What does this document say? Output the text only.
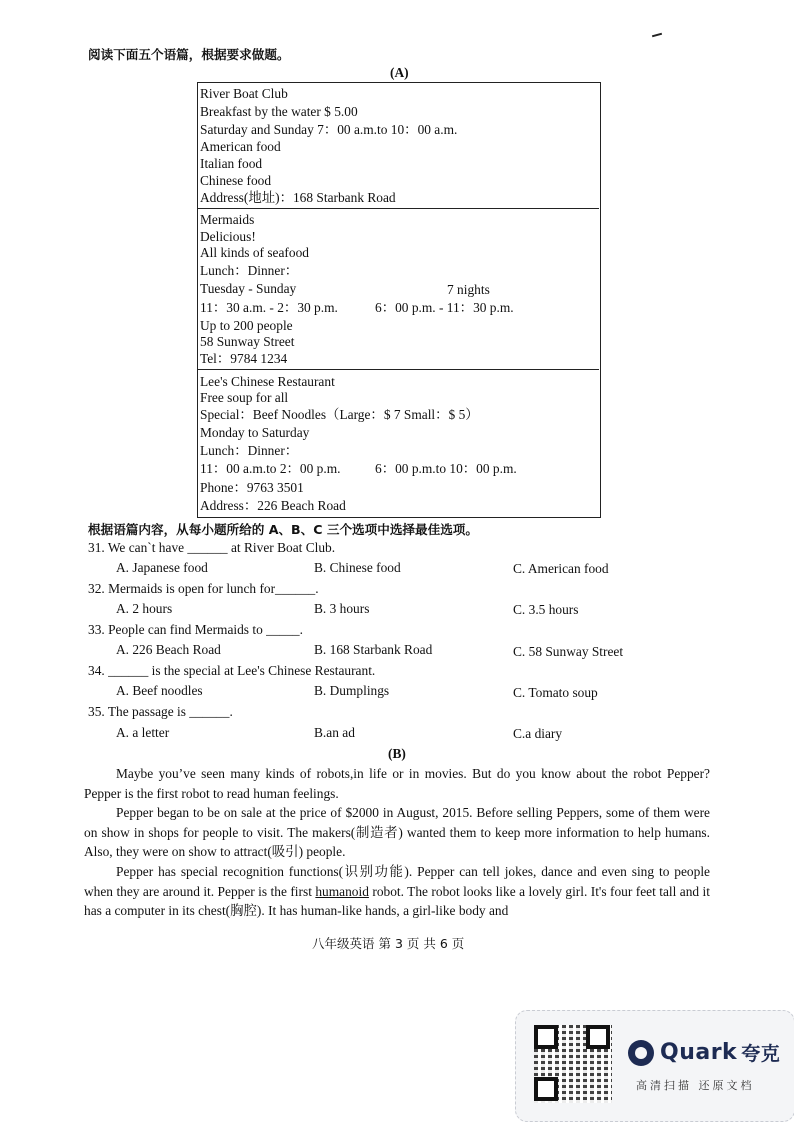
阅读下面五个语篇，根据要求做题。
(A)
River Boat Club
Breakfast by the water $ 5.00
Saturday and Sunday 7：00 a.m.to 10：00 a.m.
American food
Italian food
Chinese food
Address(地址)：168 Starbank Road
Mermaids
Delicious!
All kinds of seafood
Lunch：Dinner：
Tuesday - Sunday	7 nights
11：30 a.m. - 2：30 p.m.	6：00 p.m. - 11：30 p.m.
Up to 200 people
58 Sunway Street
Tel：9784 1234
Lee's Chinese Restaurant
Free soup for all
Special：Beef Noodles（Large：$ 7 Small：$ 5）
Monday to Saturday
Lunch：Dinner：
11：00 a.m.to 2：00 p.m.	6：00 p.m.to 10：00 p.m.
Phone：9763 3501
Address：226 Beach Road
根据语篇内容，从每小题所给的 A、B、C 三个选项中选择最佳选项。
31. We can`t have ______ at River Boat Club.
A. Japanese food	B. Chinese food	C. American food
32. Mermaids is open for lunch for______.
A. 2 hours	B. 3 hours	C. 3.5 hours
33. People can find Mermaids to _____.
A. 226 Beach Road	B. 168 Starbank Road	C. 58 Sunway Street
34. ______ is the special at Lee's Chinese Restaurant.
A. Beef noodles	B. Dumplings	C. Tomato soup
35. The passage is ______.
A. a letter	B.an ad	C.a diary
(B)
Maybe you’ve seen many kinds of robots,in life or in movies. But do you know about the robot Pepper? Pepper is the first robot to read human feelings.
Pepper began to be on sale at the price of $2000 in August, 2015. Before selling Peppers, some of them were on show in shops for people to visit. The makers(制造者) wanted them to keep more information to help humans. Also, they were on show to attract(吸引) people.
Pepper has special recognition functions(识别功能). Pepper can tell jokes, dance and even sing to people when they are around it. Pepper is the first humanoid robot. The robot looks like a lovely girl. It's four feet tall and it has a computer in its chest(胸腔). It has human-like hands, a girl-like body and
八年级英语 第 3 页 共 6 页
Quark 夸克
高清扫描 还原文档
